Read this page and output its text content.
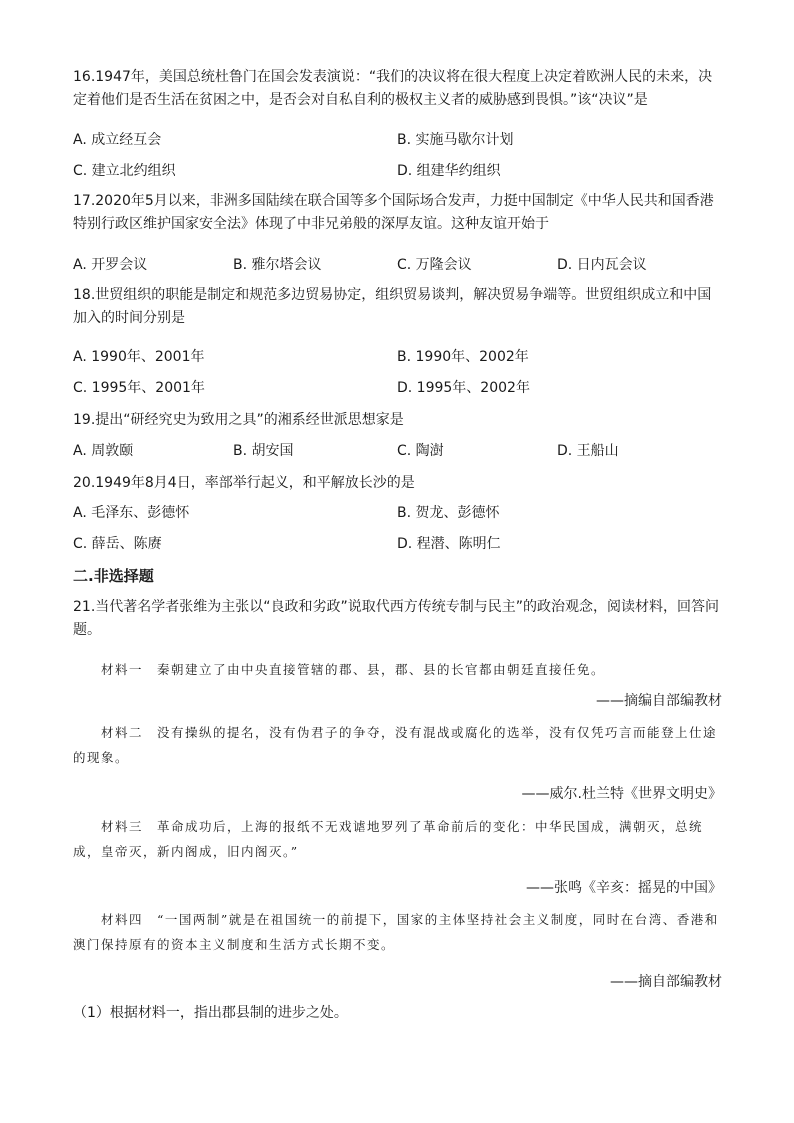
16.1947年，美国总统杜鲁门在国会发表演说：“我们的决议将在很大程度上决定着欧洲人民的未来，决定着他们是否生活在贫困之中，是否会对自私自利的极权主义者的威胁感到畏惧。”该“决议”是
A. 成立经互会	B. 实施马歇尔计划
C. 建立北约组织	D. 组建华约组织
17.2020年5月以来，非洲多国陆续在联合国等多个国际场合发声，力挺中国制定《中华人民共和国香港特别行政区维护国家安全法》体现了中非兄弟般的深厚友谊。这种友谊开始于
A. 开罗会议	B. 雅尔塔会议	C. 万隆会议	D. 日内瓦会议
18.世贸组织的职能是制定和规范多边贸易协定，组织贸易谈判，解决贸易争端等。世贸组织成立和中国加入的时间分别是
A. 1990年、2001年	B. 1990年、2002年
C. 1995年、2001年	D. 1995年、2002年
19.提出“研经究史为致用之具”的湘系经世派思想家是
A. 周敦颐	B. 胡安国	C. 陶澍	D. 王船山
20.1949年8月4日，率部举行起义，和平解放长沙的是
A. 毛泽东、彭德怀	B. 贺龙、彭德怀
C. 薛岳、陈赓	D. 程潜、陈明仁
二.非选择题
21.当代著名学者张维为主张以“良政和劣政”说取代西方传统专制与民主”的政治观念，阅读材料，回答问题。
材料一　秦朝建立了由中央直接管辖的郡、县，郡、县的长官都由朝廷直接任免。
——摘编自部编教材
材料二　没有操纵的提名，没有伪君子的争夺，没有混战或腐化的选举，没有仅凭巧言而能登上仕途的现象。
——威尔.杜兰特《世界文明史》
材料三　革命成功后，上海的报纸不无戏谑地罗列了革命前后的变化：中华民国成，满朝灭，总统成，皇帝灭，新内阁成，旧内阁灭。”
——张鸣《辛亥：摇晃的中国》
材料四　“一国两制”就是在祖国统一的前提下，国家的主体坚持社会主义制度，同时在台湾、香港和澳门保持原有的资本主义制度和生活方式长期不变。
——摘自部编教材
（1）根据材料一，指出郡县制的进步之处。
